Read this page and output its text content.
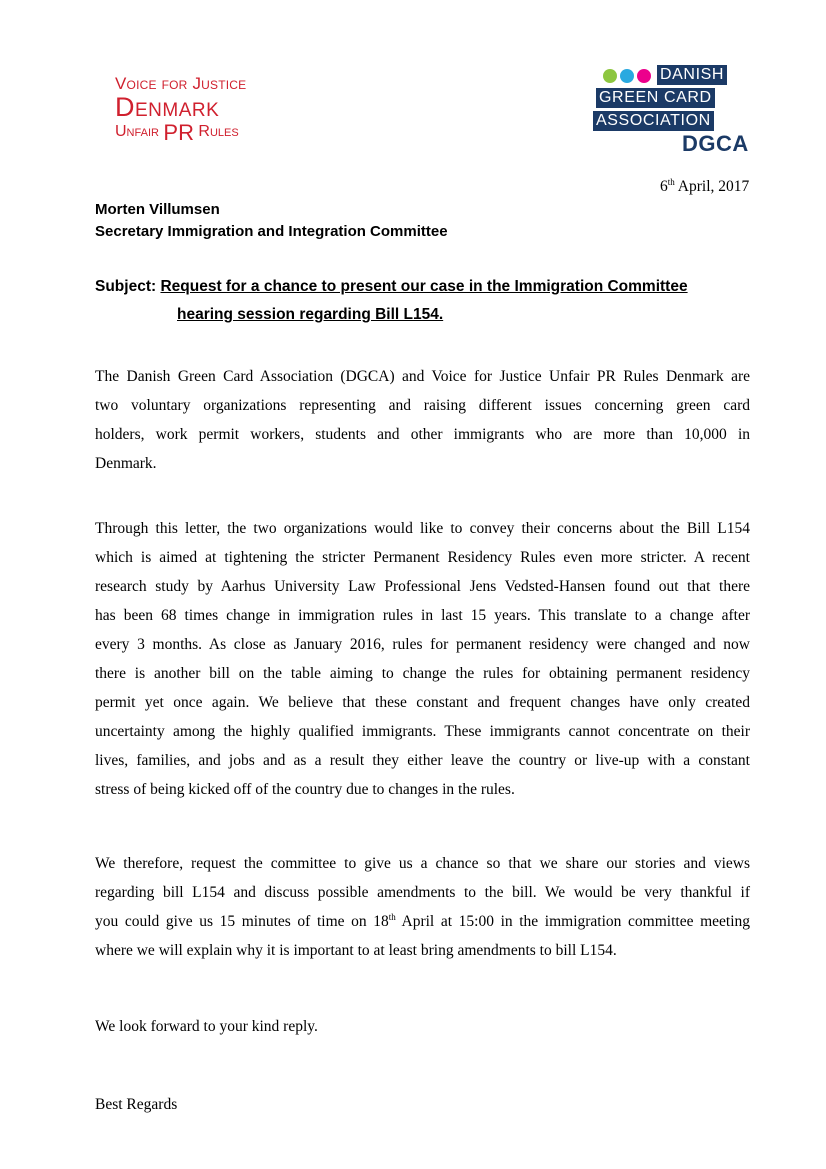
Voice for Justice
Denmark
Unfair PR Rules
DANISH
GREEN CARD
ASSOCIATION
DGCA
6th April, 2017
Morten Villumsen
Secretary Immigration and Integration Committee
Subject: Request for a chance to present our case in the Immigration Committee
hearing session regarding Bill L154.
The Danish Green Card Association (DGCA) and Voice for Justice Unfair PR Rules Denmark are
two voluntary organizations representing and raising different issues concerning green card
holders, work permit workers, students and other immigrants who are more than 10,000 in
Denmark.
Through this letter, the two organizations would like to convey their concerns about the Bill L154
which is aimed at tightening the stricter Permanent Residency Rules even more stricter. A recent
research study by Aarhus University Law Professional Jens Vedsted-Hansen found out that there
has been 68 times change in immigration rules in last 15 years. This translate to a change after
every 3 months. As close as January 2016, rules for permanent residency were changed and now
there is another bill on the table aiming to change the rules for obtaining permanent residency
permit yet once again. We believe that these constant and frequent changes have only created
uncertainty among the highly qualified immigrants. These immigrants cannot concentrate on their
lives, families, and jobs and as a result they either leave the country or live-up with a constant
stress of being kicked off of the country due to changes in the rules.
We therefore, request the committee to give us a chance so that we share our stories and views
regarding bill L154 and discuss possible amendments to the bill. We would be very thankful if
you could give us 15 minutes of time on 18th April at 15:00 in the immigration committee meeting
where we will explain why it is important to at least bring amendments to bill L154.
We look forward to your kind reply.
Best Regards
